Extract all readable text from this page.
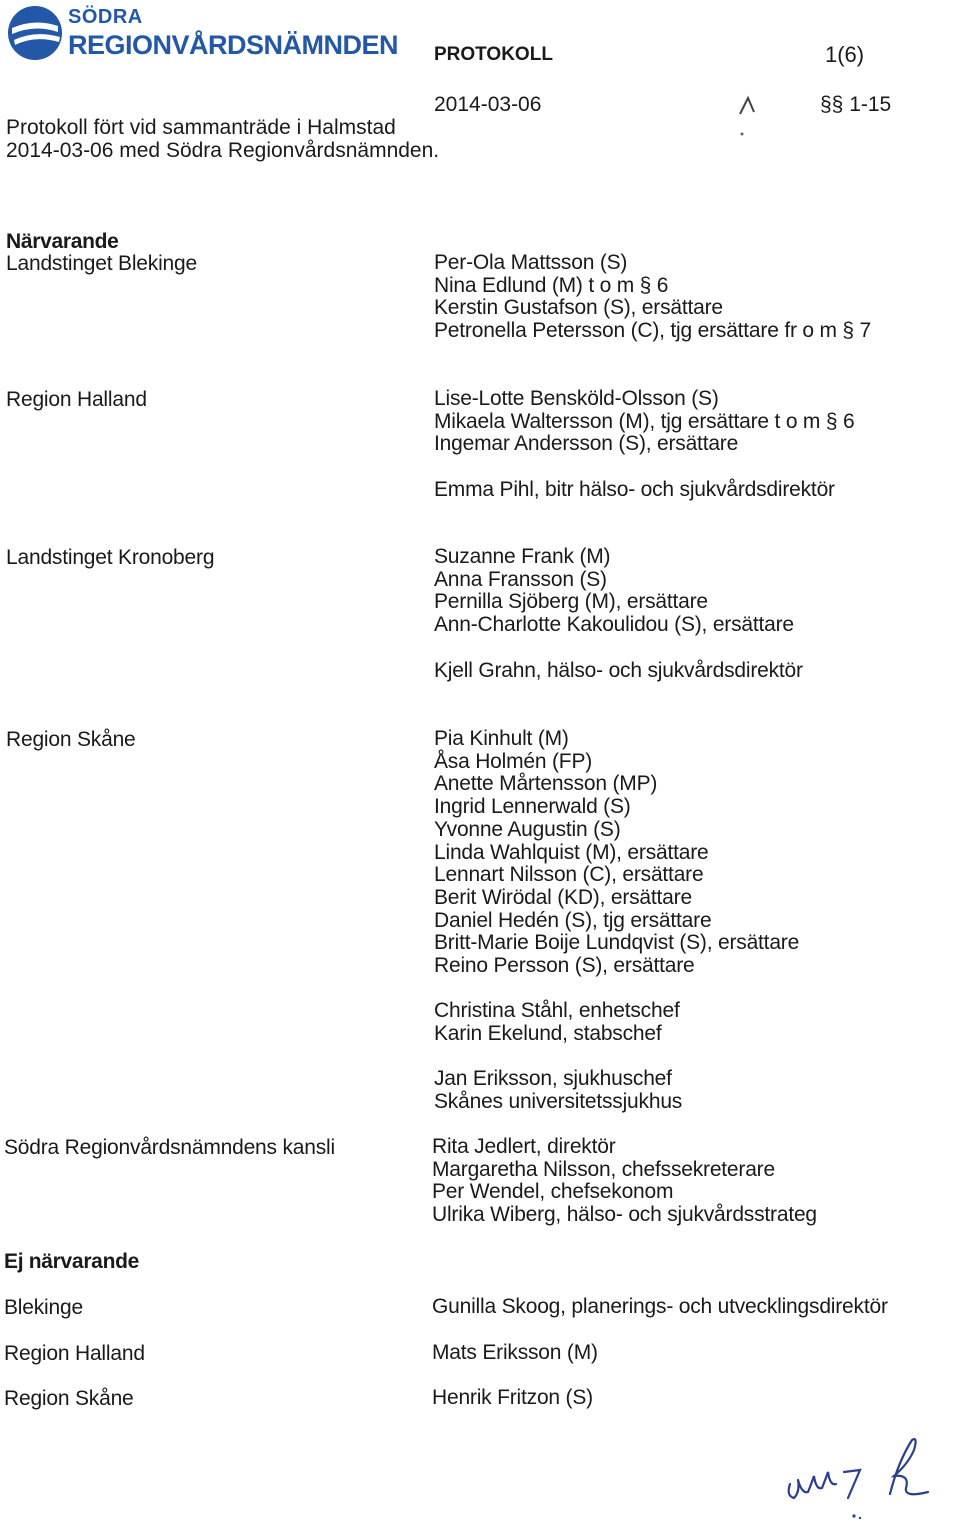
SÖDRA
REGIONVÅRDSNÄMNDEN PROTOKOLL	1(6)
2014-03-06	§§ 1-15
Protokoll fört vid sammanträde i Halmstad
2014-03-06 med Södra Regionvårdsnämnden.
Närvarande
Landstinget Blekinge	Per-Ola Mattsson (S)
Nina Edlund (M) t o m § 6
Kerstin Gustafson (S), ersättare
Petronella Petersson (C), tjg ersättare fr o m § 7
Region Halland	Lise-Lotte Bensköld-Olsson (S)
Mikaela Waltersson (M), tjg ersättare t o m § 6
Ingemar Andersson (S), ersättare
Emma Pihl, bitr hälso- och sjukvårdsdirektör
Landstinget Kronoberg	Suzanne Frank (M)
Anna Fransson (S)
Pernilla Sjöberg (M), ersättare
Ann-Charlotte Kakoulidou (S), ersättare
Kjell Grahn, hälso- och sjukvårdsdirektör
Region Skåne	Pia Kinhult (M)
Åsa Holmén (FP)
Anette Mårtensson (MP)
Ingrid Lennerwald (S)
Yvonne Augustin (S)
Linda Wahlquist (M), ersättare
Lennart Nilsson (C), ersättare
Berit Wirödal (KD), ersättare
Daniel Hedén (S), tjg ersättare
Britt-Marie Boije Lundqvist (S), ersättare
Reino Persson (S), ersättare
Christina Ståhl, enhetschef
Karin Ekelund, stabschef
Jan Eriksson, sjukhuschef
Skånes universitetssjukhus
Södra Regionvårdsnämndens kansli	Rita Jedlert, direktör
Margaretha Nilsson, chefssekreterare
Per Wendel, chefsekonom
Ulrika Wiberg, hälso- och sjukvårdsstrateg
Ej närvarande
Blekinge	Gunilla Skoog, planerings- och utvecklingsdirektör
Region Halland	Mats Eriksson (M)
Region Skåne	Henrik Fritzon (S)
